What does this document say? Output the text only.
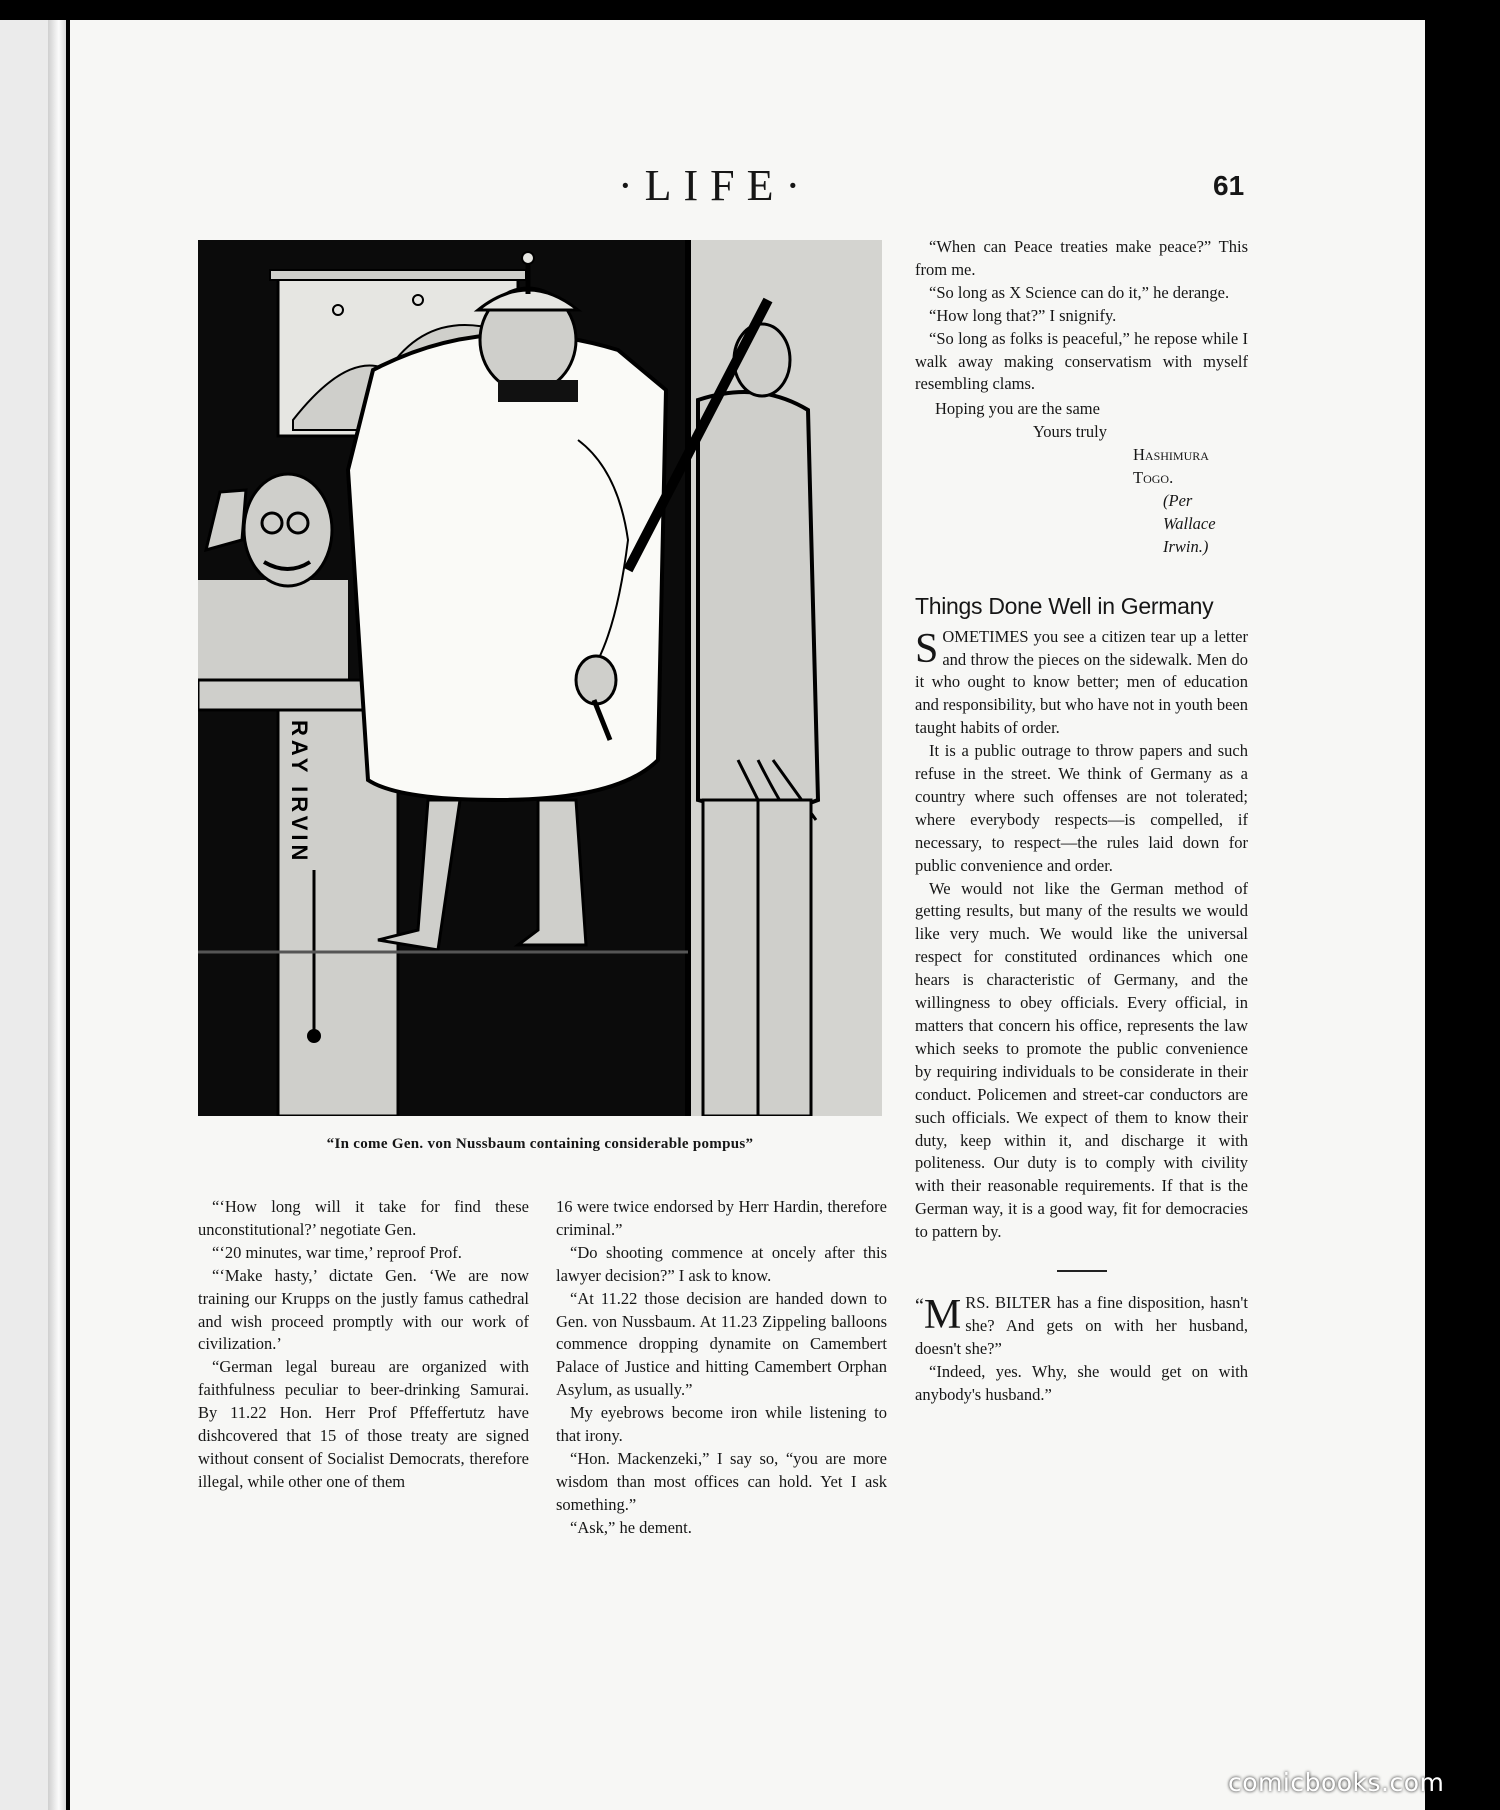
·LIFE·	61
RAY IRVIN
“In come Gen. von Nussbaum containing considerable pompus”

“‘How long will it take for find these unconstitutional?’ negotiate Gen.

“‘20 minutes, war time,’ reproof Prof.

“‘Make hasty,’ dictate Gen. ‘We are now training our Krupps on the justly famus cathedral and wish proceed promptly with our work of civilization.’

“German legal bureau are organized with faithfulness peculiar to beer-drinking Samurai. By 11.22 Hon. Herr Prof Pffeffertutz have dishcovered that 15 of those treaty are signed without consent of Socialist Democrats, therefore illegal, while other one of them

16 were twice endorsed by Herr Hardin, therefore criminal.”

“Do shooting commence at oncely after this lawyer decision?” I ask to know.

“At 11.22 those decision are handed down to Gen. von Nussbaum. At 11.23 Zippeling balloons commence dropping dynamite on Camembert Palace of Justice and hitting Camembert Orphan Asylum, as usually.”

My eyebrows become iron while listening to that irony.

“Hon. Mackenzeki,” I say so, “you are more wisdom than most offices can hold. Yet I ask something.”

“Ask,” he dement.

“When can Peace treaties make peace?” This from me.

“So long as X Science can do it,” he derange.

“How long that?” I snignify.

“So long as folks is peaceful,” he repose while I walk away making conservatism with myself resembling clams.

Hoping you are the same
Yours truly
Hashimura Togo.
(Per Wallace Irwin.)
Things Done Well in Germany

SOMETIMES you see a citizen tear up a letter and throw the pieces on the sidewalk. Men do it who ought to know better; men of education and responsibility, but who have not in youth been taught habits of order.

It is a public outrage to throw papers and such refuse in the street. We think of Germany as a country where such offenses are not tolerated; where everybody respects—is compelled, if necessary, to respect—the rules laid down for public convenience and order.

We would not like the German method of getting results, but many of the results we would like very much. We would like the universal respect for constituted ordinances which one hears is characteristic of Germany, and the willingness to obey officials. Every official, in matters that concern his office, represents the law which seeks to promote the public convenience by requiring individuals to be considerate in their conduct. Policemen and street-car conductors are such officials. We expect of them to know their duty, keep within it, and discharge it with politeness. Our duty is to comply with civility with their reasonable requirements. If that is the German way, it is a good way, fit for democracies to pattern by.

“ M RS. BILTER has a fine disposition, hasn't she? And gets on with her husband, doesn't she?”

“Indeed, yes. Why, she would get on with anybody's husband.”

comicbooks.com
